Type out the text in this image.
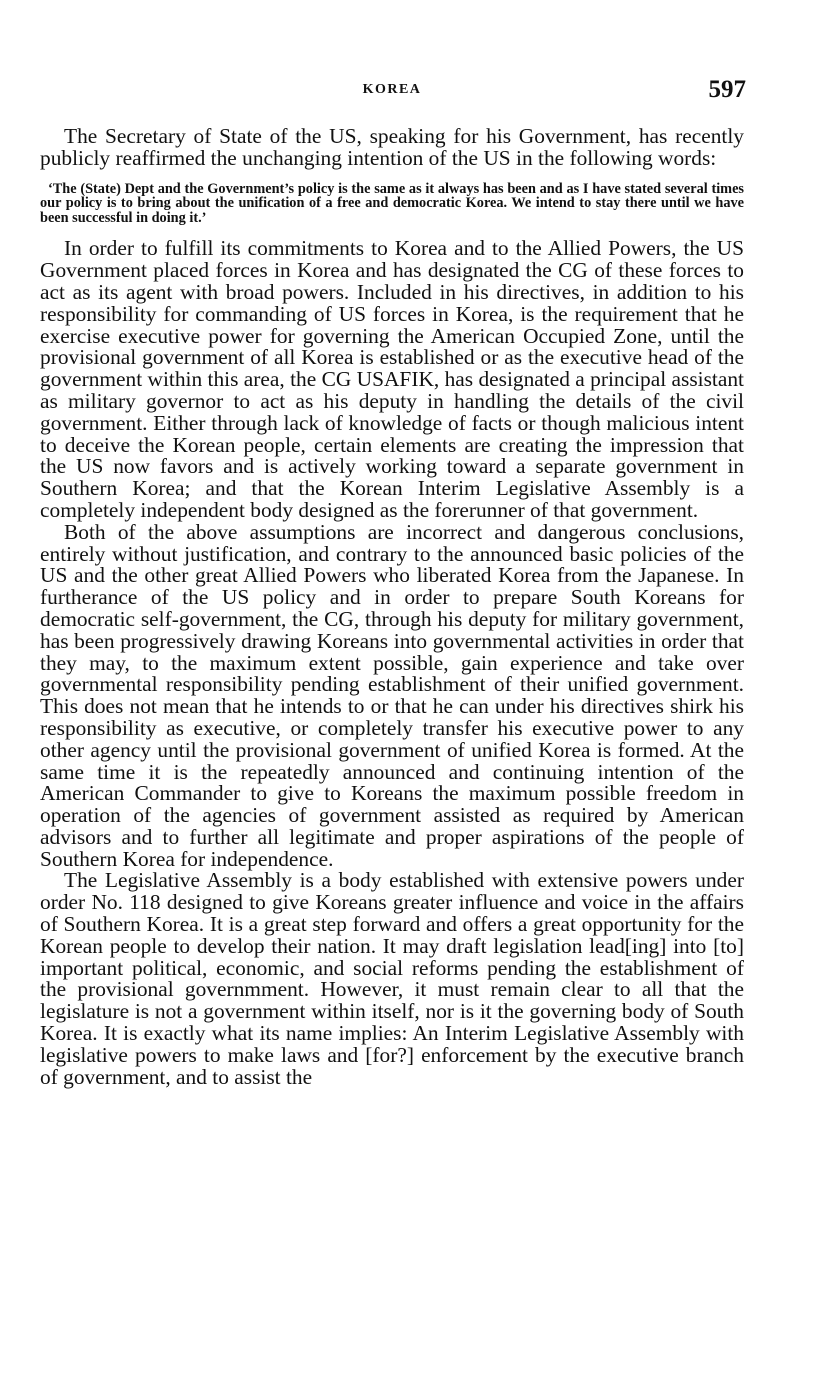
KOREA	597

The Secretary of State of the US, speaking for his Government, has recently publicly reaffirmed the unchanging intention of the US in the following words:

‘The (State) Dept and the Government’s policy is the same as it always has been and as I have stated several times our policy is to bring about the unification of a free and democratic Korea. We intend to stay there until we have been successful in doing it.’

In order to fulfill its commitments to Korea and to the Allied Powers, the US Government placed forces in Korea and has designated the CG of these forces to act as its agent with broad powers. Included in his directives, in addition to his responsibility for commanding of US forces in Korea, is the requirement that he exercise executive power for governing the American Occupied Zone, until the provisional government of all Korea is established or as the executive head of the government within this area, the CG USAFIK, has designated a principal assistant as military governor to act as his deputy in handling the details of the civil government. Either through lack of knowledge of facts or though malicious intent to deceive the Korean people, certain elements are creating the impression that the US now favors and is actively working toward a separate government in Southern Korea; and that the Korean Interim Legislative Assembly is a completely independent body designed as the forerunner of that government.

Both of the above assumptions are incorrect and dangerous conclusions, entirely without justification, and contrary to the announced basic policies of the US and the other great Allied Powers who liberated Korea from the Japanese. In furtherance of the US policy and in order to prepare South Koreans for democratic self-government, the CG, through his deputy for military government, has been progressively drawing Koreans into governmental activities in order that they may, to the maximum extent possible, gain experience and take over governmental responsibility pending establishment of their unified government. This does not mean that he intends to or that he can under his directives shirk his responsibility as executive, or completely transfer his executive power to any other agency until the provisional government of unified Korea is formed. At the same time it is the repeatedly announced and continuing intention of the American Commander to give to Koreans the maximum possible freedom in operation of the agencies of government assisted as required by American advisors and to further all legitimate and proper aspirations of the people of Southern Korea for independence.

The Legislative Assembly is a body established with extensive powers under order No. 118 designed to give Koreans greater influence and voice in the affairs of Southern Korea. It is a great step forward and offers a great opportunity for the Korean people to develop their nation. It may draft legislation lead[ing] into [to] important political, economic, and social reforms pending the establishment of the provisional governmment. However, it must remain clear to all that the legislature is not a government within itself, nor is it the governing body of South Korea. It is exactly what its name implies: An Interim Legislative Assembly with legislative powers to make laws and [for?] enforcement by the executive branch of government, and to assist the
